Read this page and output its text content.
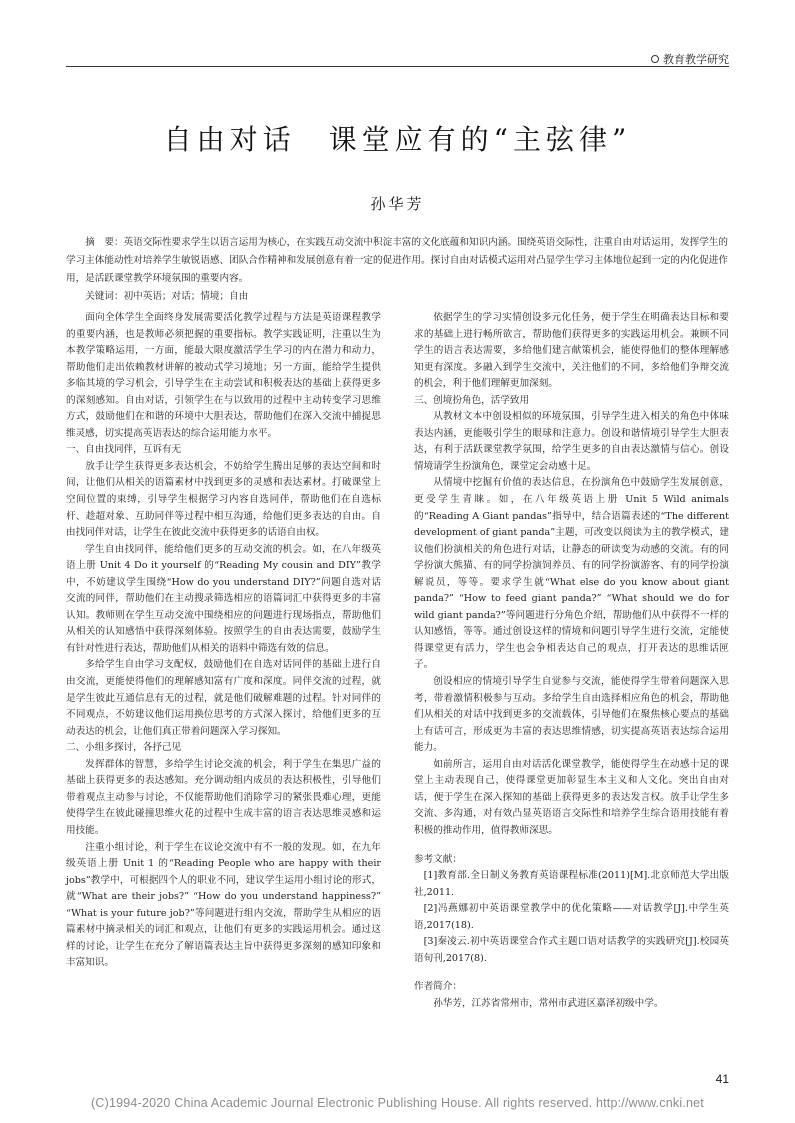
教育教学研究
自由对话　课堂应有的“主弦律”
孙华芳

摘　要：英语交际性要求学生以语言运用为核心，在实践互动交流中积淀丰富的文化底蕴和知识内涵。围绕英语交际性，注重自由对话运用，发挥学生的学习主体能动性对培养学生敏锐语感、团队合作精神和发展创意有着一定的促进作用。探讨自由对话模式运用对凸显学生学习主体地位起到一定的内化促进作用，是活跃课堂教学环境氛围的重要内容。

关键词：初中英语；对话；情境；自由

面向全体学生全面终身发展需要活化教学过程与方法是英语课程教学的重要内涵，也是教师必须把握的重要指标。教学实践证明，注重以生为本教学策略运用，一方面，能最大限度激活学生学习的内在潜力和动力，帮助他们走出依赖教材讲解的被动式学习境地；另一方面，能给学生提供多临其境的学习机会，引导学生在主动尝试和积极表达的基础上获得更多的深刻感知。自由对话，引领学生在与以致用的过程中主动转变学习思维方式，鼓励他们在和谐的环境中大胆表达，帮助他们在深入交流中捕捉思维灵感，切实提高英语表达的综合运用能力水平。

一、自由找同伴，互诉有无

放手让学生获得更多表达机会，不妨给学生腾出足够的表达空间和时间，让他们从相关的语篇素材中找到更多的灵感和表达素材。打破课堂上空间位置的束缚，引导学生根据学习内容自选同伴，帮助他们在自选标杆、趁超对象、互助同伴等过程中相互沟通，给他们更多表达的自由。自由找同伴对话，让学生在彼此交流中获得更多的话语自由权。

学生自由找同伴，能给他们更多的互动交流的机会。如，在八年级英语上册 Unit 4 Do it yourself 的“Reading My cousin and DIY”教学中，不妨建议学生围绕“How do you understand DIY?”问题自选对话交流的同伴，帮助他们在主动搜录筛选相应的语篇词汇中获得更多的丰富认知。教师则在学生互动交流中围绕相应的问题进行现场指点，帮助他们从相关的认知感悟中获得深刻体验。按照学生的自由表达需要，鼓励学生有针对性进行表达，帮助他们从相关的语料中筛选有效的信息。

多给学生自由学习支配权，鼓励他们在自选对话同伴的基础上进行自由交流，更能使得他们的理解感知富有广度和深度。同伴交流的过程，就是学生彼此互通信息有无的过程，就是他们破解难题的过程。针对同伴的不同观点，不妨建议他们运用换位思考的方式深入探讨，给他们更多的互动表达的机会，让他们真正带着问题深入学习探知。

二、小组多探讨，各抒己见

发挥群体的智慧，多给学生讨论交流的机会，利于学生在集思广益的基础上获得更多的表达感知。充分调动组内成员的表达积极性，引导他们带着观点主动参与讨论，不仅能帮助他们消除学习的紧张畏难心理，更能使得学生在彼此碰撞思维火花的过程中生成丰富的语言表达思维灵感和运用技能。

注重小组讨论，利于学生在议论交流中有不一般的发现。如，在九年级英语上册 Unit 1 的“Reading People who are happy with their jobs”教学中，可根据四个人的职业不同，建议学生运用小组讨论的形式，就“What are their jobs?” “How do you understand happiness?” “What is your future job?”等问题进行组内交流，帮助学生从相应的语篇素材中摘录相关的词汇和观点，让他们有更多的实践运用机会。通过这样的讨论，让学生在充分了解语篇表达主旨中获得更多深刻的感知印象和丰富知识。

依据学生的学习实情创设多元化任务，便于学生在明确表达目标和要求的基础上进行畅所欲言，帮助他们获得更多的实践运用机会。兼顾不同学生的语言表达需要，多给他们建言献策机会，能使得他们的整体理解感知更有深度。多融入到学生交流中，关注他们的不同，多给他们争辩交流的机会，利于他们理解更加深刻。

三、创境扮角色，活学致用

从教材文本中创设相似的环境氛围，引导学生进入相关的角色中体味表达内涵，更能吸引学生的眼球和注意力。创设和谐情境引导学生大胆表达，有利于活跃课堂教学氛围，给学生更多的自由表达激情与信心。创设情境请学生扮演角色，课堂定会动感十足。

从情境中挖掘有价值的表达信息，在扮演角色中鼓励学生发展创意，更受学生青睐。如，在八年级英语上册 Unit 5 Wild animals 的“Reading A Giant pandas”指导中，结合语篇表述的“The different development of giant panda”主题，可改变以阅读为主的教学模式，建议他们扮演相关的角色进行对话，让静态的研读变为动感的交流。有的同学扮演大熊猫、有的同学扮演饲养员、有的同学扮演游客、有的同学扮演解说员，等等。要求学生就“What else do you know about giant panda?” “How to feed giant panda?” “What should we do for wild giant panda?”等问题进行分角色介绍，帮助他们从中获得不一样的认知感悟，等等。通过创设这样的情境和问题引导学生进行交流，定能使得课堂更有活力，学生也会争相表达自己的观点，打开表达的思维话匣子。

创设相应的情境引导学生自觉参与交流，能使得学生带着问题深入思考，带着激情积极参与互动。多给学生自由选择相应角色的机会，帮助他们从相关的对话中找到更多的交流载体，引导他们在聚焦核心要点的基础上有话可言，形成更为丰富的表达思维情感，切实提高英语表达综合运用能力。

如前所言，运用自由对话活化课堂教学，能使得学生在动感十足的课堂上主动表现自己，使得课堂更加彰显生本主义和人文化。突出自由对话，便于学生在深入探知的基础上获得更多的表达发言权。放手让学生多交流、多沟通，对有效凸显英语语言交际性和培养学生综合语用技能有着积极的推动作用，值得教师深思。

参考文献：

[1]教育部.全日制义务教育英语课程标准(2011)[M].北京师范大学出版社,2011.

[2]冯燕娜初中英语课堂教学中的优化策略——对话教学[J].中学生英语,2017(18).

[3]秦凌云.初中英语课堂合作式主题口语对话教学的实践研究[J].校园英语旬刊,2017(8).

作者简介：

孙华芳，江苏省常州市，常州市武进区嘉泽初级中学。

41
(C)1994-2020 China Academic Journal Electronic Publishing House. All rights reserved. http://www.cnki.net
